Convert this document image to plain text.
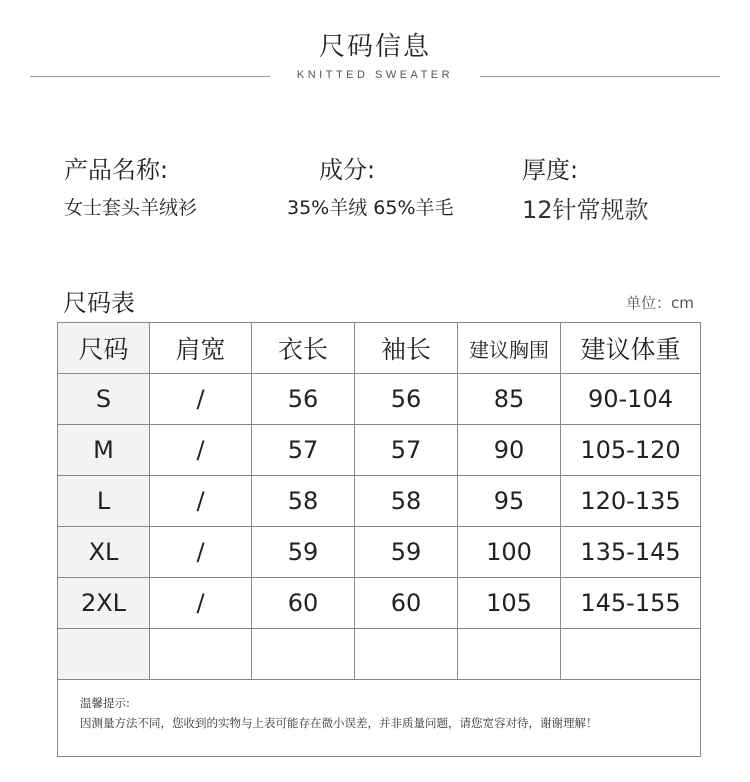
尺码信息
KNITTED SWEATER
产品名称:
女士套头羊绒衫
成分:
35%羊绒 65%羊毛
厚度:
12针常规款
尺码表	单位：cm
尺码	肩宽	衣长	袖长	建议胸围	建议体重
S	/	56	56	85	90-104
M	/	57	57	90	105-120
L	/	58	58	95	120-135
XL	/	59	59	100	135-145
2XL	/	60	60	105	145-155

温馨提示:
因测量方法不同，您收到的实物与上表可能存在微小误差，并非质量问题，请您宽容对待，谢谢理解！					
